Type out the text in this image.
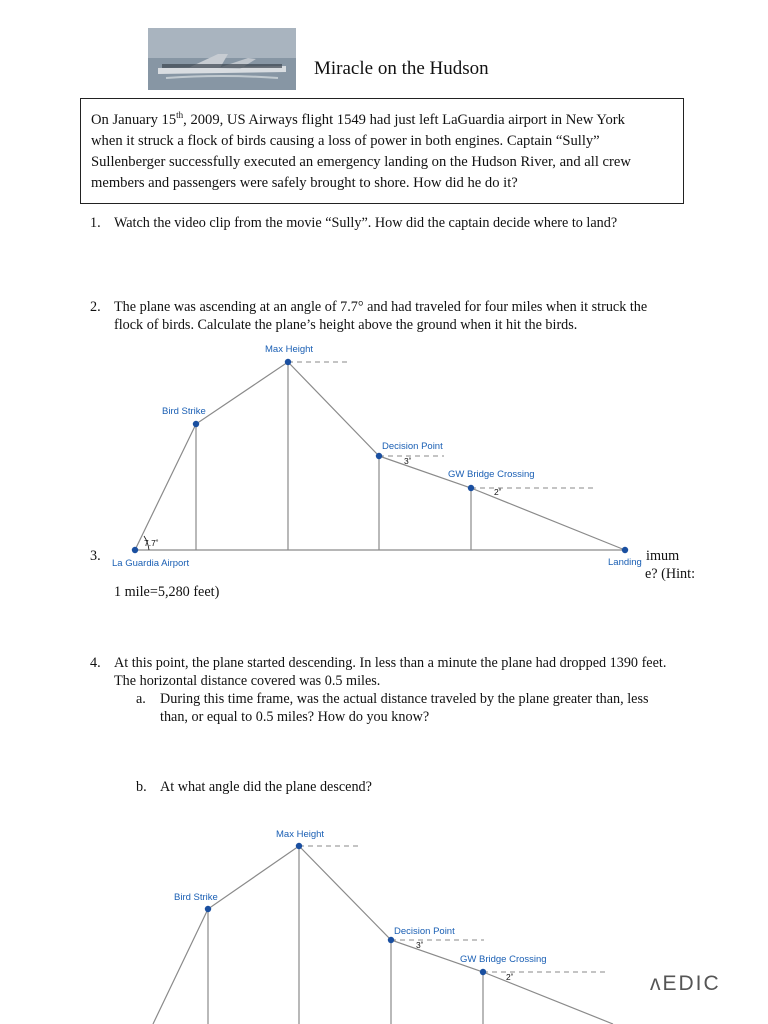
Miracle on the Hudson
On January 15th, 2009, US Airways flight 1549 had just left LaGuardia airport in New York
when it struck a flock of birds causing a loss of power in both engines. Captain “Sully”
Sullenberger successfully executed an emergency landing on the Hudson River, and all crew
members and passengers were safely brought to shore. How did he do it?
1. Watch the video clip from the movie “Sully”. How did the captain decide where to land?
2. The plane was ascending at an angle of 7.7° and had traveled for four miles when it struck the
flock of birds. Calculate the plane’s height above the ground when it hit the birds.
Max Height
Bird Strike
Decision Point
GW Bridge Crossing
La Guardia Airport	Landing
7.7˚
3˚
2˚
3.	imum
e? (Hint:
1 mile=5,280 feet)
4. At this point, the plane started descending. In less than a minute the plane had dropped 1390 feet.
The horizontal distance covered was 0.5 miles.
a. During this time frame, was the actual distance traveled by the plane greater than, less
than, or equal to 0.5 miles? How do you know?
b. At what angle did the plane descend?
Max Height
Bird Strike
Decision Point
GW Bridge Crossing
3˚
2˚	ʌEDIC
